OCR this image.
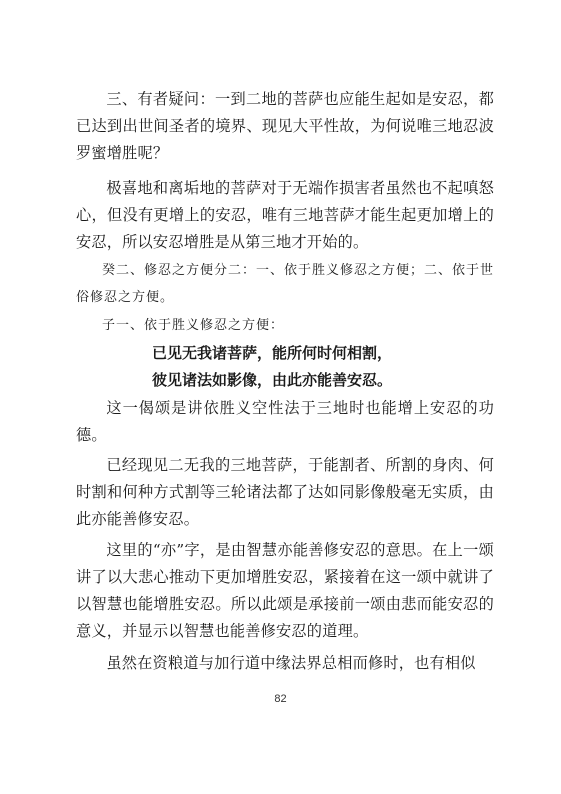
三、有者疑问：一到二地的菩萨也应能生起如是安忍，都已达到出世间圣者的境界、现见大平性故，为何说唯三地忍波罗蜜增胜呢？

极喜地和离垢地的菩萨对于无端作损害者虽然也不起嗔怒心，但没有更增上的安忍，唯有三地菩萨才能生起更加增上的安忍，所以安忍增胜是从第三地才开始的。

癸二、修忍之方便分二：一、依于胜义修忍之方便；二、依于世俗修忍之方便。

子一、依于胜义修忍之方便：

已见无我诸菩萨，能所何时何相割，

彼见诸法如影像，由此亦能善安忍。

这一偈颂是讲依胜义空性法于三地时也能增上安忍的功德。

已经现见二无我的三地菩萨，于能割者、所割的身肉、何时割和何种方式割等三轮诸法都了达如同影像般毫无实质，由此亦能善修安忍。

这里的“亦”字，是由智慧亦能善修安忍的意思。在上一颂讲了以大悲心推动下更加增胜安忍，紧接着在这一颂中就讲了以智慧也能增胜安忍。所以此颂是承接前一颂由悲而能安忍的意义，并显示以智慧也能善修安忍的道理。

虽然在资粮道与加行道中缘法界总相而修时，也有相似

82
